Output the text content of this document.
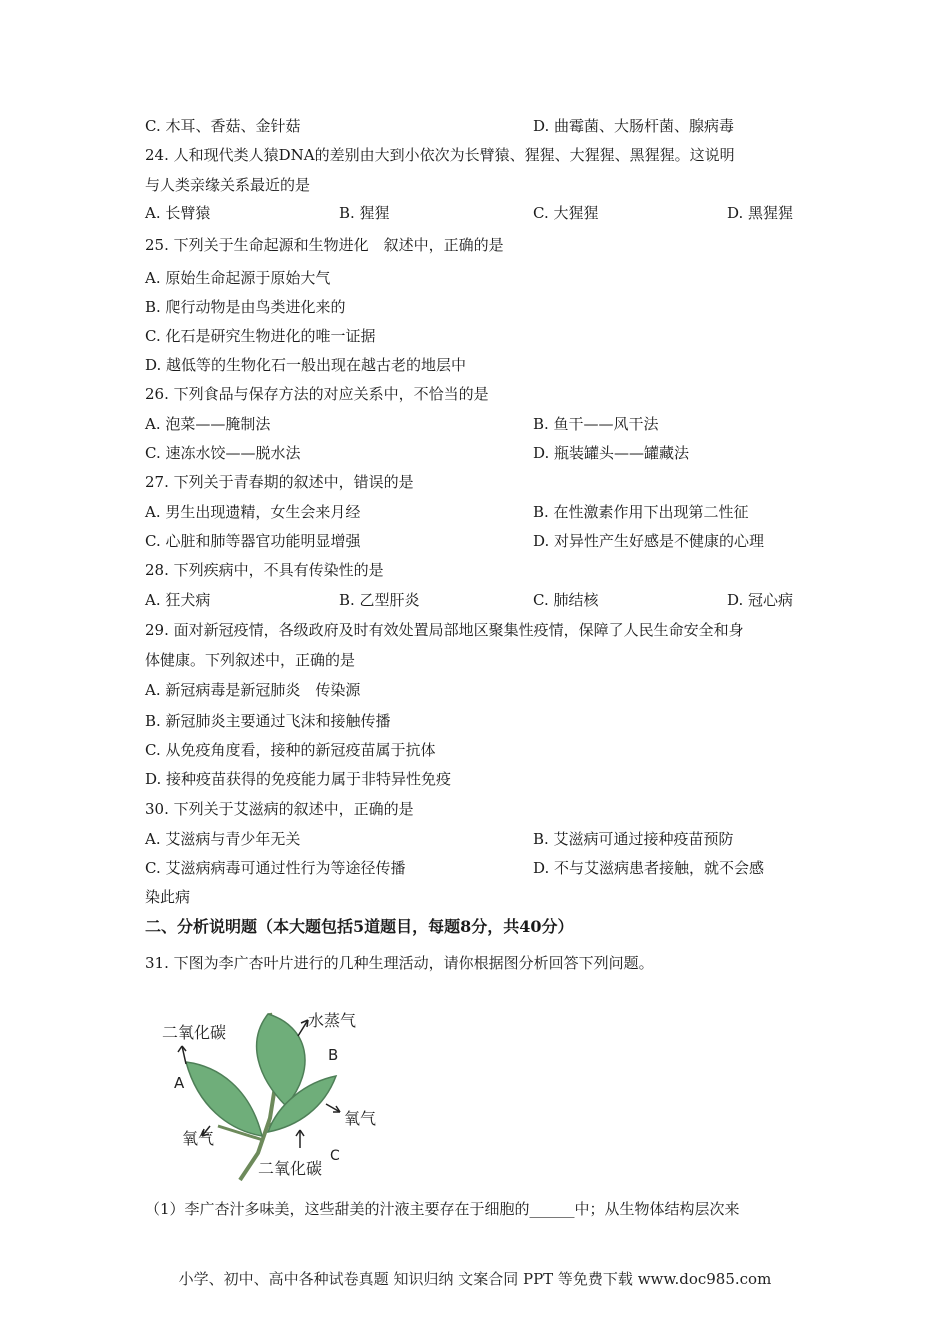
C. 木耳、香菇、金针菇	D. 曲霉菌、大肠杆菌、腺病毒
24. 人和现代类人猿DNA的差别由大到小依次为长臂猿、猩猩、大猩猩、黑猩猩。这说明
与人类亲缘关系最近的是
A. 长臂猿	B. 猩猩	C. 大猩猩	D. 黑猩猩
25. 下列关于生命起源和生物进化　叙述中，正确的是
A. 原始生命起源于原始大气
B. 爬行动物是由鸟类进化来的
C. 化石是研究生物进化的唯一证据
D. 越低等的生物化石一般出现在越古老的地层中
26. 下列食品与保存方法的对应关系中，不恰当的是
A. 泡菜——腌制法	B. 鱼干——风干法
C. 速冻水饺——脱水法	D. 瓶装罐头——罐藏法
27. 下列关于青春期的叙述中，错误的是
A. 男生出现遗精，女生会来月经	B. 在性激素作用下出现第二性征
C. 心脏和肺等器官功能明显增强	D. 对异性产生好感是不健康的心理
28. 下列疾病中，不具有传染性的是
A. 狂犬病	B. 乙型肝炎	C. 肺结核	D. 冠心病
29. 面对新冠疫情，各级政府及时有效处置局部地区聚集性疫情，保障了人民生命安全和身
体健康。下列叙述中，正确的是
A. 新冠病毒是新冠肺炎　传染源
B. 新冠肺炎主要通过飞沫和接触传播
C. 从免疫角度看，接种的新冠疫苗属于抗体
D. 接种疫苗获得的免疫能力属于非特异性免疫
30. 下列关于艾滋病的叙述中，正确的是
A. 艾滋病与青少年无关	B. 艾滋病可通过接种疫苗预防
C. 艾滋病病毒可通过性行为等途径传播	D. 不与艾滋病患者接触，就不会感
染此病
二、分析说明题（本大题包括5道题目，每题8分，共40分）
31. 下图为李广杏叶片进行的几种生理活动，请你根据图分析回答下列问题。
二氧化碳
水蒸气
B
A
氧气
氧气
二氧化碳
C
（1）李广杏汁多味美，这些甜美的汁液主要存在于细胞的______中；从生物体结构层次来
小学、初中、高中各种试卷真题 知识归纳 文案合同 PPT 等免费下载 www.doc985.com
